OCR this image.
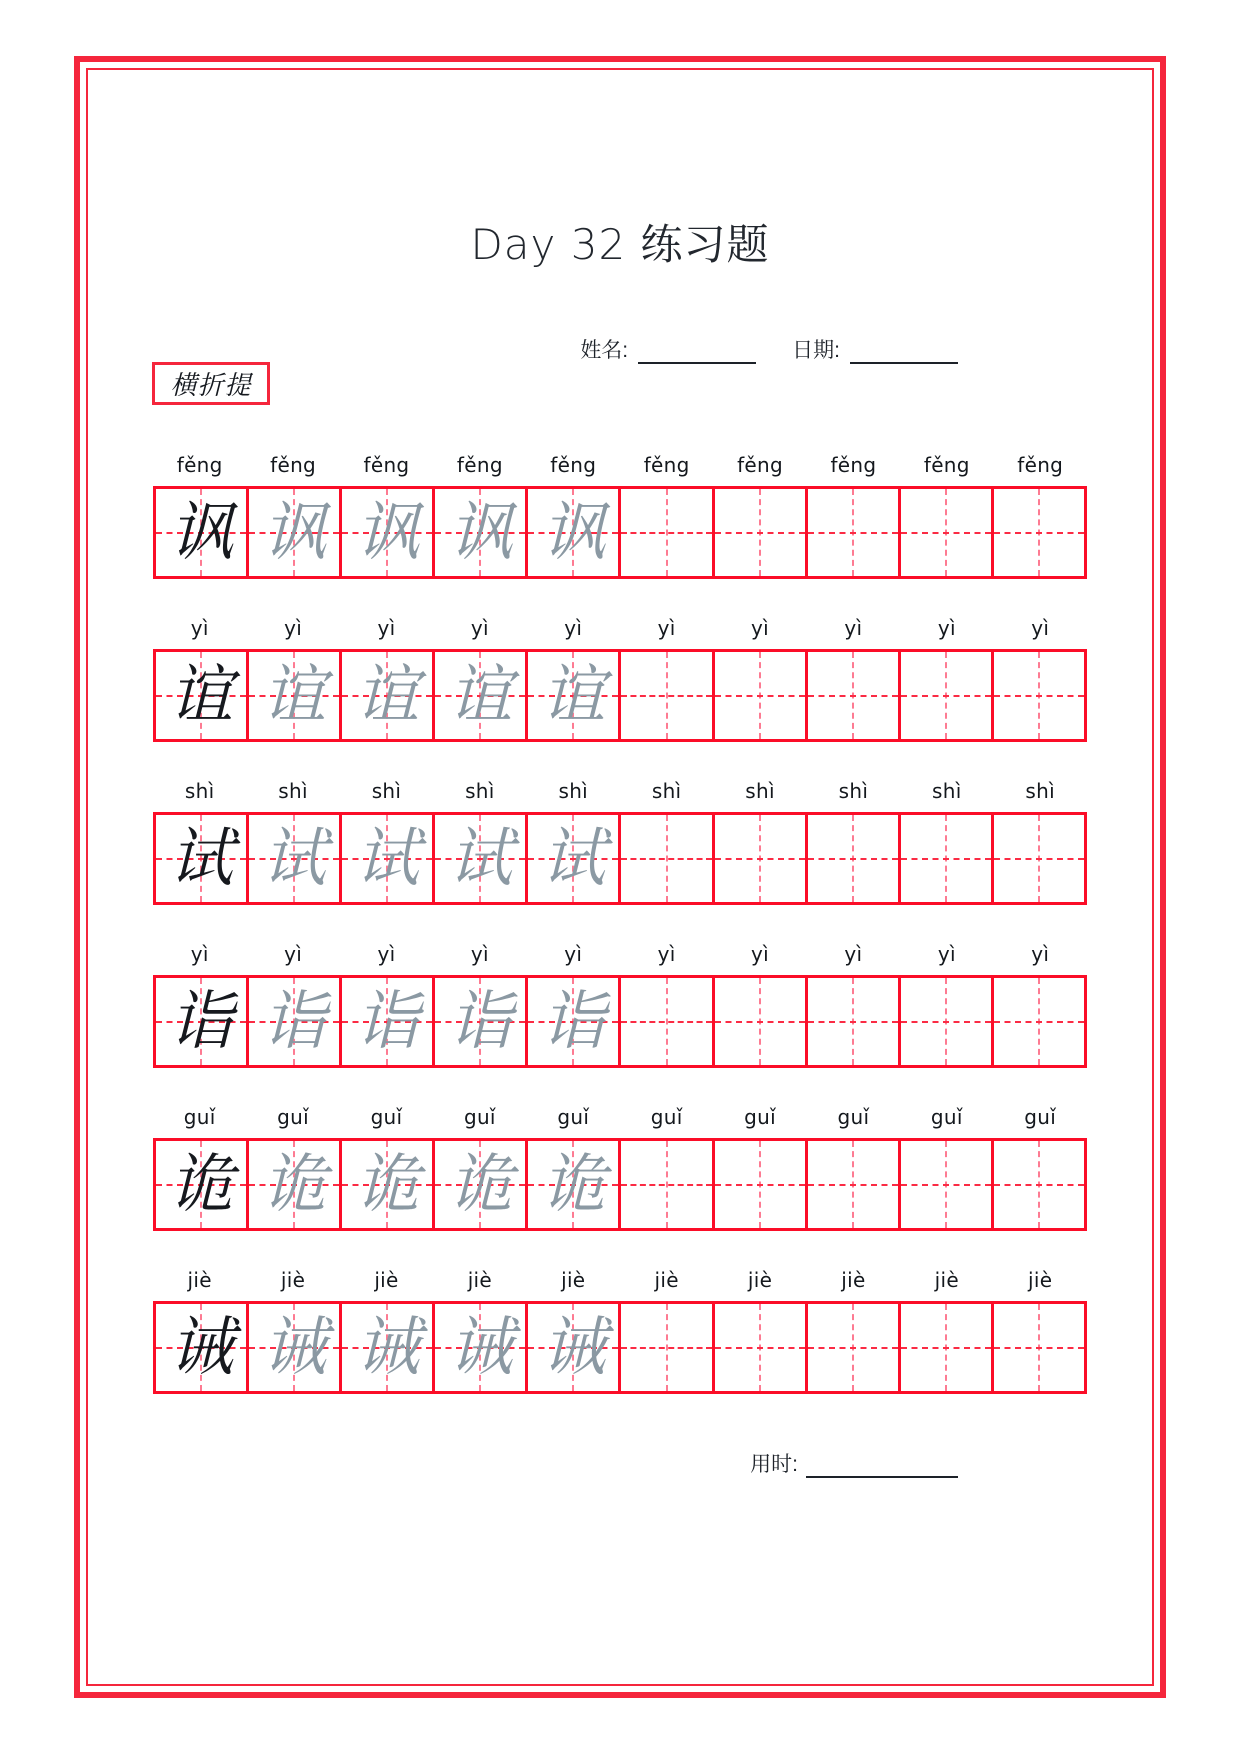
Day 32 练习题
姓名:	日期:
横折提
fěng	fěng	fěng	fěng	fěng	fěng	fěng	fěng	fěng	fěng
讽 讽 讽 讽 讽
yì	yì	yì	yì	yì	yì	yì	yì	yì	yì
谊 谊 谊 谊 谊
shì	shì	shì	shì	shì	shì	shì	shì	shì	shì
试 试 试 试 试
yì	yì	yì	yì	yì	yì	yì	yì	yì	yì
诣 诣 诣 诣 诣
guǐ	guǐ	guǐ	guǐ	guǐ	guǐ	guǐ	guǐ	guǐ	guǐ
诡 诡 诡 诡 诡
jiè	jiè	jiè	jiè	jiè	jiè	jiè	jiè	jiè	jiè
诫 诫 诫 诫 诫
用时:
